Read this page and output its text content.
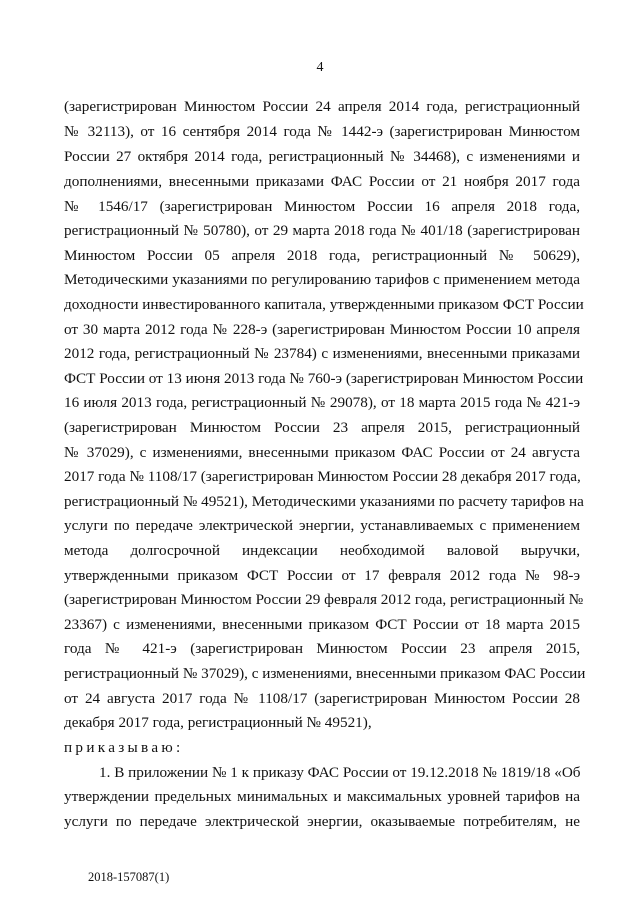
4
(зарегистрирован Минюстом России 24 апреля 2014 года, регистрационный
№ 32113), от 16 сентября 2014 года № 1442-э (зарегистрирован Минюстом
России 27 октября 2014 года, регистрационный № 34468), с изменениями и
дополнениями, внесенными приказами ФАС России от 21 ноября 2017 года
№ 1546/17 (зарегистрирован Минюстом России 16 апреля 2018 года,
регистрационный № 50780), от 29 марта 2018 года № 401/18 (зарегистрирован
Минюстом России 05 апреля 2018 года, регистрационный № 50629),
Методическими указаниями по регулированию тарифов с применением метода
доходности инвестированного капитала, утвержденными приказом ФСТ России
от 30 марта 2012 года № 228-э (зарегистрирован Минюстом России 10 апреля
2012 года, регистрационный № 23784) с изменениями, внесенными приказами
ФСТ России от 13 июня 2013 года № 760-э (зарегистрирован Минюстом России
16 июля 2013 года, регистрационный № 29078), от 18 марта 2015 года № 421-э
(зарегистрирован Минюстом России 23 апреля 2015, регистрационный
№ 37029), с изменениями, внесенными приказом ФАС России от 24 августа
2017 года № 1108/17 (зарегистрирован Минюстом России 28 декабря 2017 года,
регистрационный № 49521), Методическими указаниями по расчету тарифов на
услуги по передаче электрической энергии, устанавливаемых с применением
метода долгосрочной индексации необходимой валовой выручки,
утвержденными приказом ФСТ России от 17 февраля 2012 года № 98-э
(зарегистрирован Минюстом России 29 февраля 2012 года, регистрационный №
23367) с изменениями, внесенными приказом ФСТ России от 18 марта 2015
года № 421-э (зарегистрирован Минюстом России 23 апреля 2015,
регистрационный № 37029), с изменениями, внесенными приказом ФАС России
от 24 августа 2017 года № 1108/17 (зарегистрирован Минюстом России 28
декабря 2017 года, регистрационный № 49521),
приказываю:
1. В приложении № 1 к приказу ФАС России от 19.12.2018 № 1819/18 «Об
утверждении предельных минимальных и максимальных уровней тарифов на
услуги по передаче электрической энергии, оказываемые потребителям, не
2018-157087(1)
